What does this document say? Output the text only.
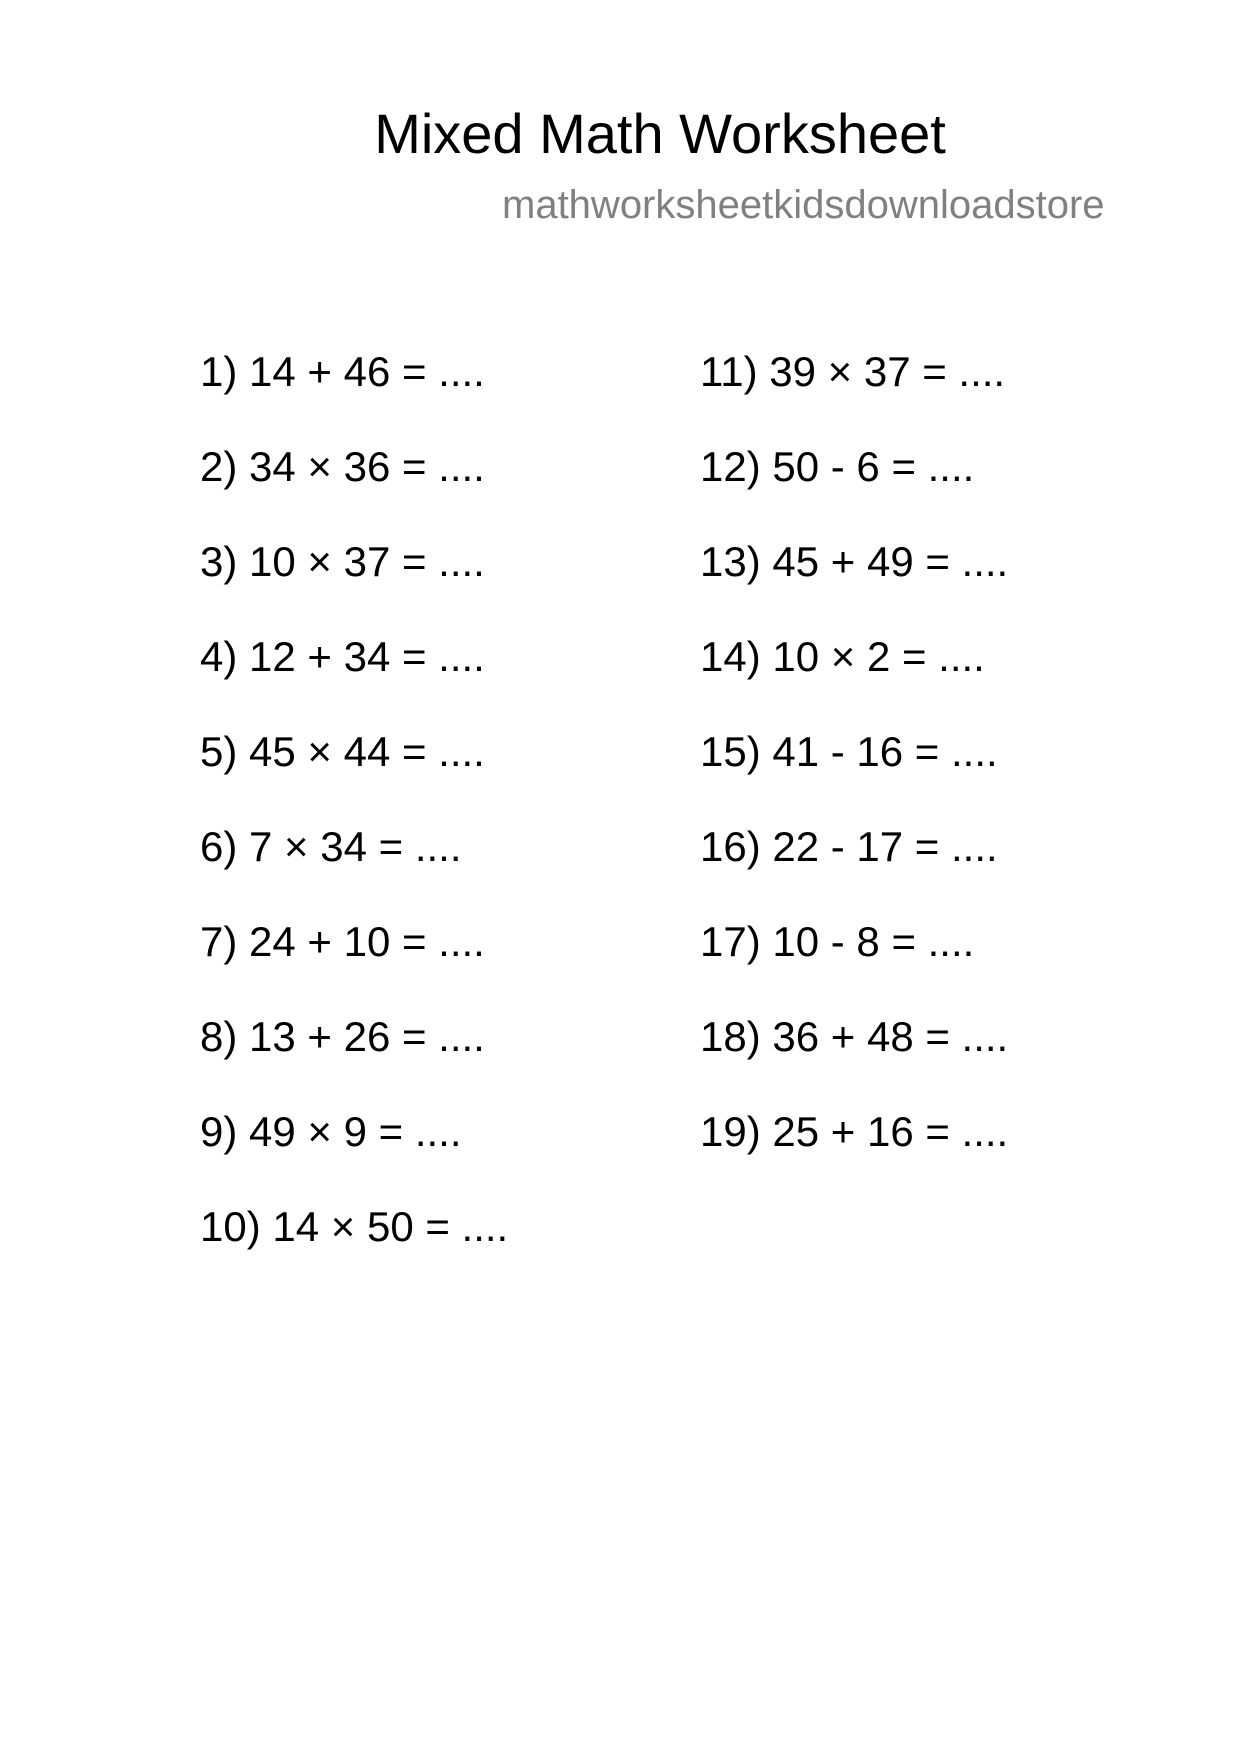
Mixed Math Worksheet
mathworksheetkidsdownloadstore
1) 14 + 46 = ....
2) 34 × 36 = ....
3) 10 × 37 = ....
4) 12 + 34 = ....
5) 45 × 44 = ....
6) 7 × 34 = ....
7) 24 + 10 = ....
8) 13 + 26 = ....
9) 49 × 9 = ....
10) 14 × 50 = ....
11) 39 × 37 = ....
12) 50 - 6 = ....
13) 45 + 49 = ....
14) 10 × 2 = ....
15) 41 - 16 = ....
16) 22 - 17 = ....
17) 10 - 8 = ....
18) 36 + 48 = ....
19) 25 + 16 = ....
